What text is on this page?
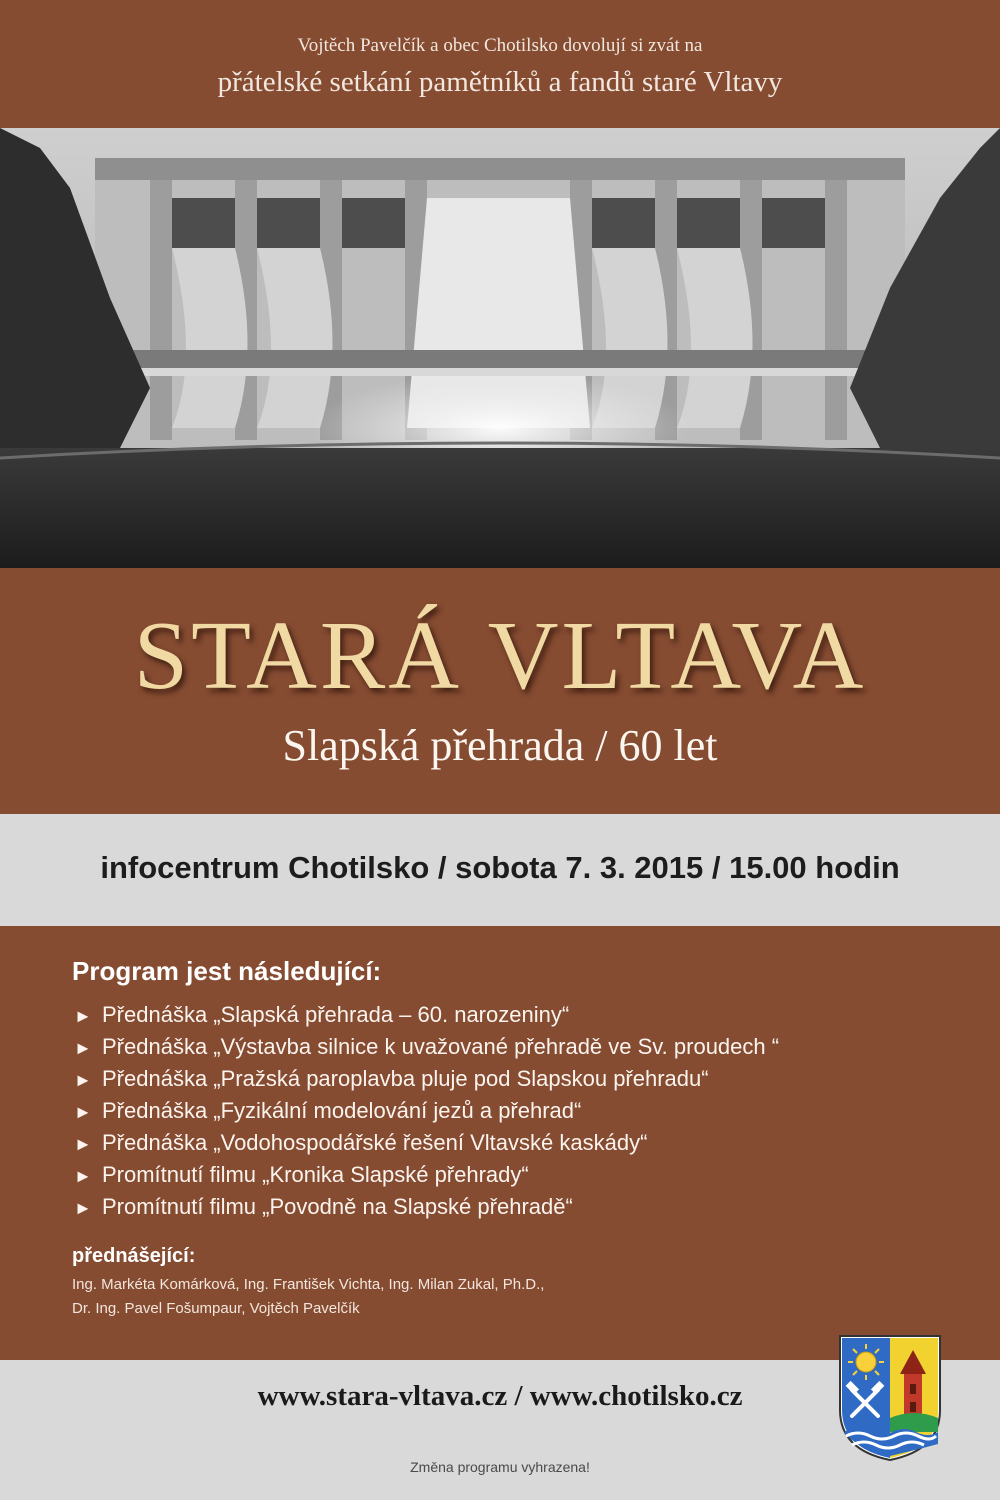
Vojtěch Pavelčík a obec Chotilsko dovolují si zvát na
přátelské setkání pamětníků a fandů staré Vltavy
STARÁ VLTAVA
Slapská přehrada / 60 let
infocentrum Chotilsko / sobota 7. 3. 2015 / 15.00 hodin
Program jest následující:
► Přednáška „Slapská přehrada – 60. narozeniny“
► Přednáška „Výstavba silnice k uvažované přehradě ve Sv. proudech “
► Přednáška „Pražská paroplavba pluje pod Slapskou přehradu“
► Přednáška „Fyzikální modelování jezů a přehrad“
► Přednáška „Vodohospodářské řešení Vltavské kaskády“
► Promítnutí filmu „Kronika Slapské přehrady“
► Promítnutí filmu „Povodně na Slapské přehradě“
přednášející:
Ing. Markéta Komárková, Ing. František Vichta, Ing. Milan Zukal, Ph.D.,
Dr. Ing. Pavel Fošumpaur, Vojtěch Pavelčík
www.stara-vltava.cz / www.chotilsko.cz
Změna programu vyhrazena!
